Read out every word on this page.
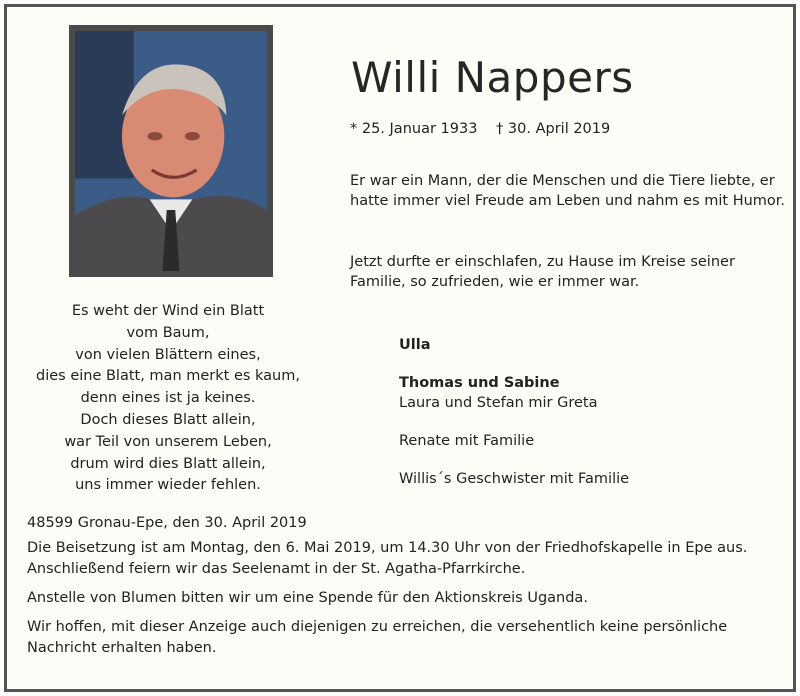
Willi Nappers
* 25. Januar 1933 † 30. April 2019
Er war ein Mann, der die Menschen und die Tiere liebte, er hatte immer viel Freude am Leben und nahm es mit Humor.
Jetzt durfte er einschlafen, zu Hause im Kreise seiner Familie, so zufrieden, wie er immer war.
Es weht der Wind ein Blatt
vom Baum,
von vielen Blättern eines,
dies eine Blatt, man merkt es kaum,
denn eines ist ja keines.
Doch dieses Blatt allein,
war Teil von unserem Leben,
drum wird dies Blatt allein,
uns immer wieder fehlen.
Ulla
Thomas und Sabine
Laura und Stefan mir Greta
Renate mit Familie
Willis´s Geschwister mit Familie

48599 Gronau-Epe, den 30. April 2019

Die Beisetzung ist am Montag, den 6. Mai 2019, um 14.30 Uhr von der Friedhofskapelle in Epe aus. Anschließend feiern wir das Seelenamt in der St. Agatha-Pfarrkirche.

Anstelle von Blumen bitten wir um eine Spende für den Aktionskreis Uganda.

Wir hoffen, mit dieser Anzeige auch diejenigen zu erreichen, die versehentlich keine persönliche Nachricht erhalten haben.
